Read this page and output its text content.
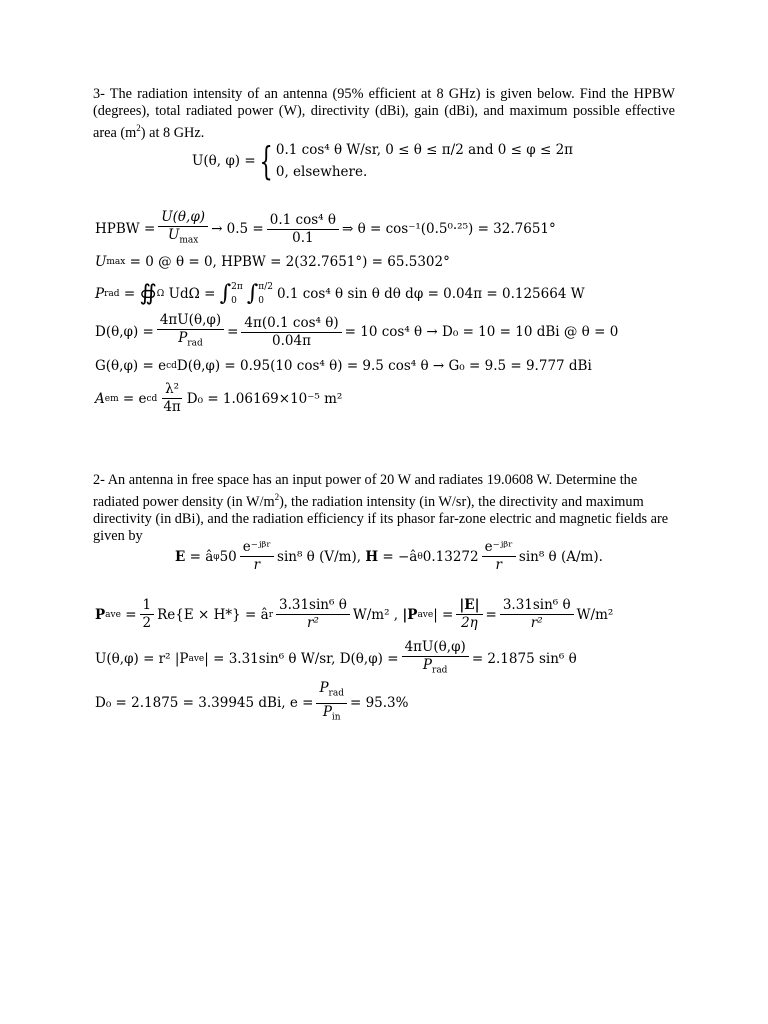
3- The radiation intensity of an antenna (95% efficient at 8 GHz) is given below. Find the HPBW (degrees), total radiated power (W), directivity (dBi), gain (dBi), and maximum possible effective area $(m^2)$ at 8 GHz.
U(θ, φ) = { 0.1 cos⁴ θ W/sr, 0 ≤ θ ≤ π/2 and 0 ≤ φ ≤ 2π
0, elsewhere.
HPBW = $\frac{U(\theta,\varphi)}{U_{max}} \to 0.5 = \frac{\text{0.1 cos⁴ θ}}{0.1}$ ⇒ θ = cos⁻¹(0.5⁰·²⁵) = 32.7651°
U max
= 0 @ θ = 0, HPBW = 2(32.7651°) = 65.5302°
P rad
=
∯ Ω
UdΩ =
∫ 2π
0 ∫ π/2
0 0.1 cos⁴ θ sin θ dθ dφ = 0.04π = 0.125664 W
$D(\theta,\varphi) = \frac{4\pi U(\theta,\varphi)}{P_{rad}} = \frac{\text{4π(0.1 cos⁴ θ)}}{0.04\pi} = 10$ cos⁴ θ → D₀ = 10 = 10 dBi @ θ = 0
G(θ,φ) = e cd D(θ,φ) = 0.95(10 cos⁴ θ) = 9.5 cos⁴ θ → G₀ = 9.5 = 9.777 dBi
A em
= e cd $\frac{\text{λ²}}{4\pi} D_0 = 1.06169\times 10^{-5}$ m²
2- An antenna in free space has an input power of 20 W and radiates 19.0608 W. Determine the radiated power density (in $W/m^2$), the radiation intensity (in W/sr), the directivity and maximum directivity (in dBi), and the radiation efficiency if its phasor far-zone electric and magnetic fields are given by
E
= â φ $50 \frac{\text{e⁻ʲᵝʳ}}{r} \sin^8$ θ (V/m),
H
= −â θ $0.13272 \frac{\text{e⁻ʲᵝʳ}}{r} \sin^8$ θ (A/m).
P ave
= $\frac{1}{2} Re\{E \times H*\}$ = â r $\frac{\text{3.31sin⁶ θ}}{\text{r²}} W/m^2$ ,
|P ave | = $\frac{|E|}{2\eta} = \frac{\text{3.31sin⁶ θ}}{\text{r²}} W/m^2$
U(θ,φ) = r² |P ave | = 3.31sin⁶ θ W/sr, $D(\theta,\varphi) = \frac{4\pi U(\theta,\varphi)}{P_{rad}} = 2.1875$ sin⁶ θ
D₀ = 2.1875 = 3.39945 dBi, $e = \frac{P_{rad}}{P_{in}} = 95.3\%$
